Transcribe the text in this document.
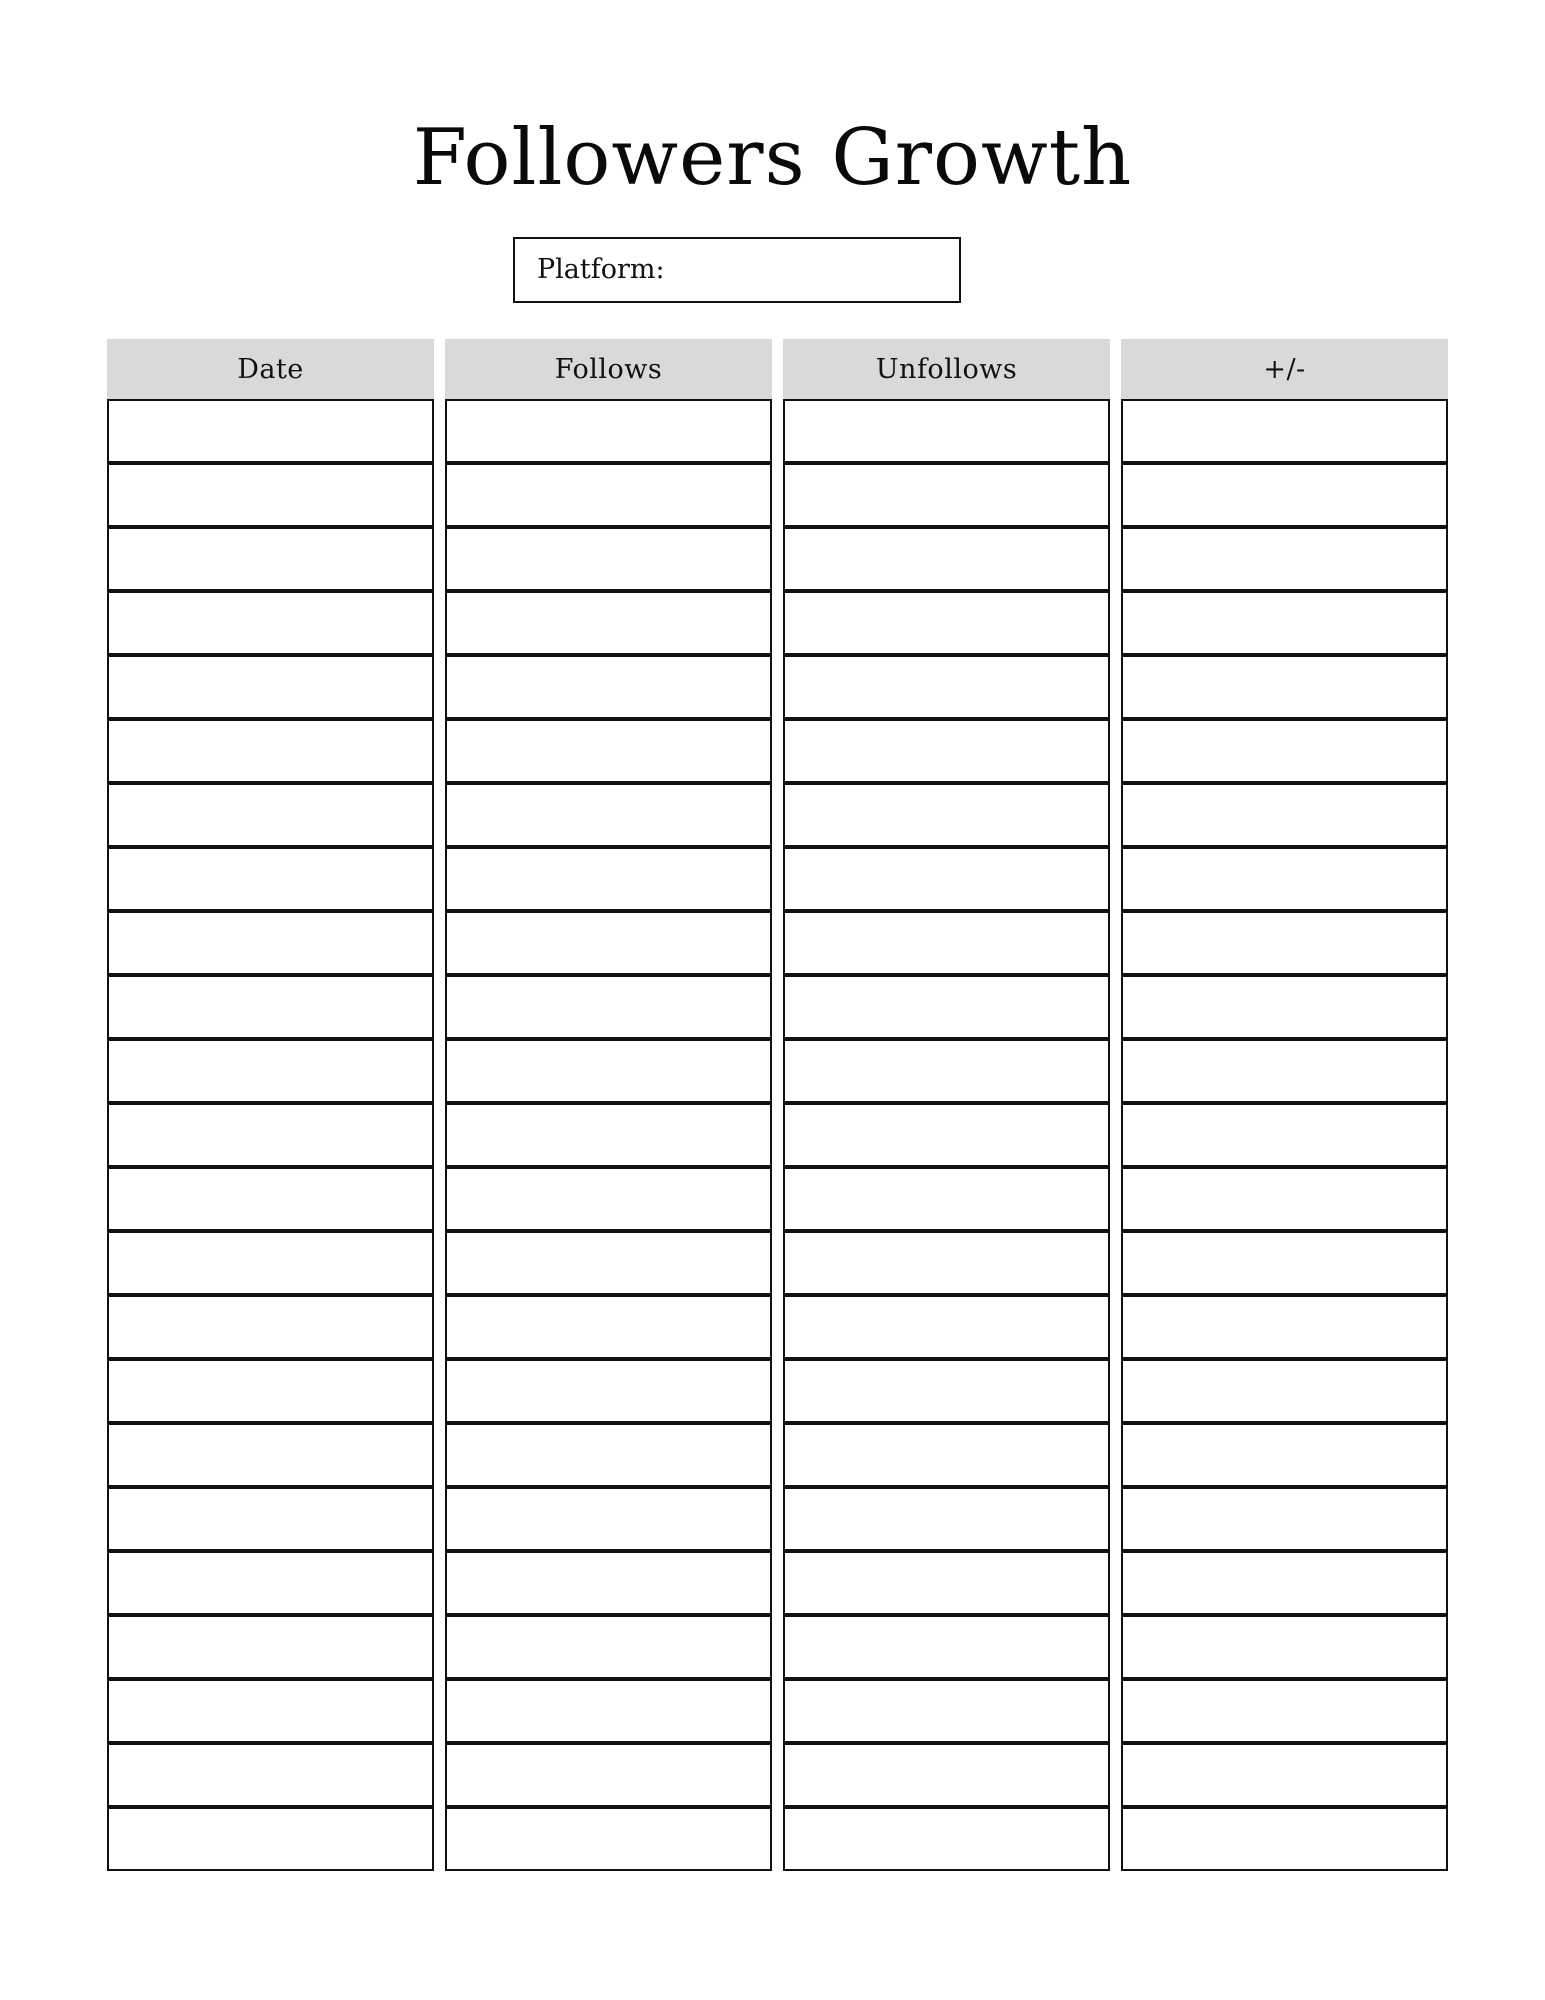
Followers Growth
Platform:
Date	Follows	Unfollows	+/-
